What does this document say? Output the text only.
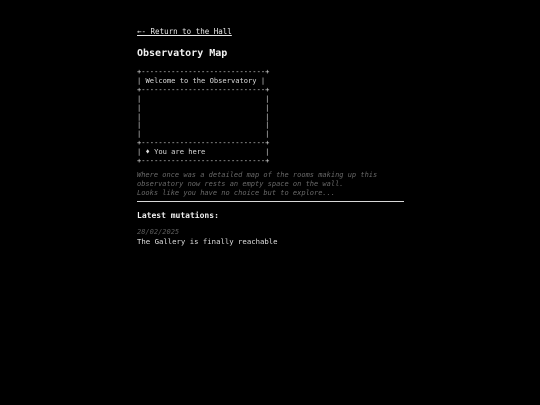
←- Return to the Hall
Observatory Map
+-----------------------------+
| Welcome to the Observatory |
+-----------------------------+
|                             |
|                             |
|                             |
|                             |
|                             |
+-----------------------------+
| ♦ You are here              |
+-----------------------------+

Where once was a detailed map of the rooms making up this
observatory now rests an empty space on the wall.
Looks like you have no choice but to explore...

Latest mutations:
28/02/2025
The Gallery is finally reachable
